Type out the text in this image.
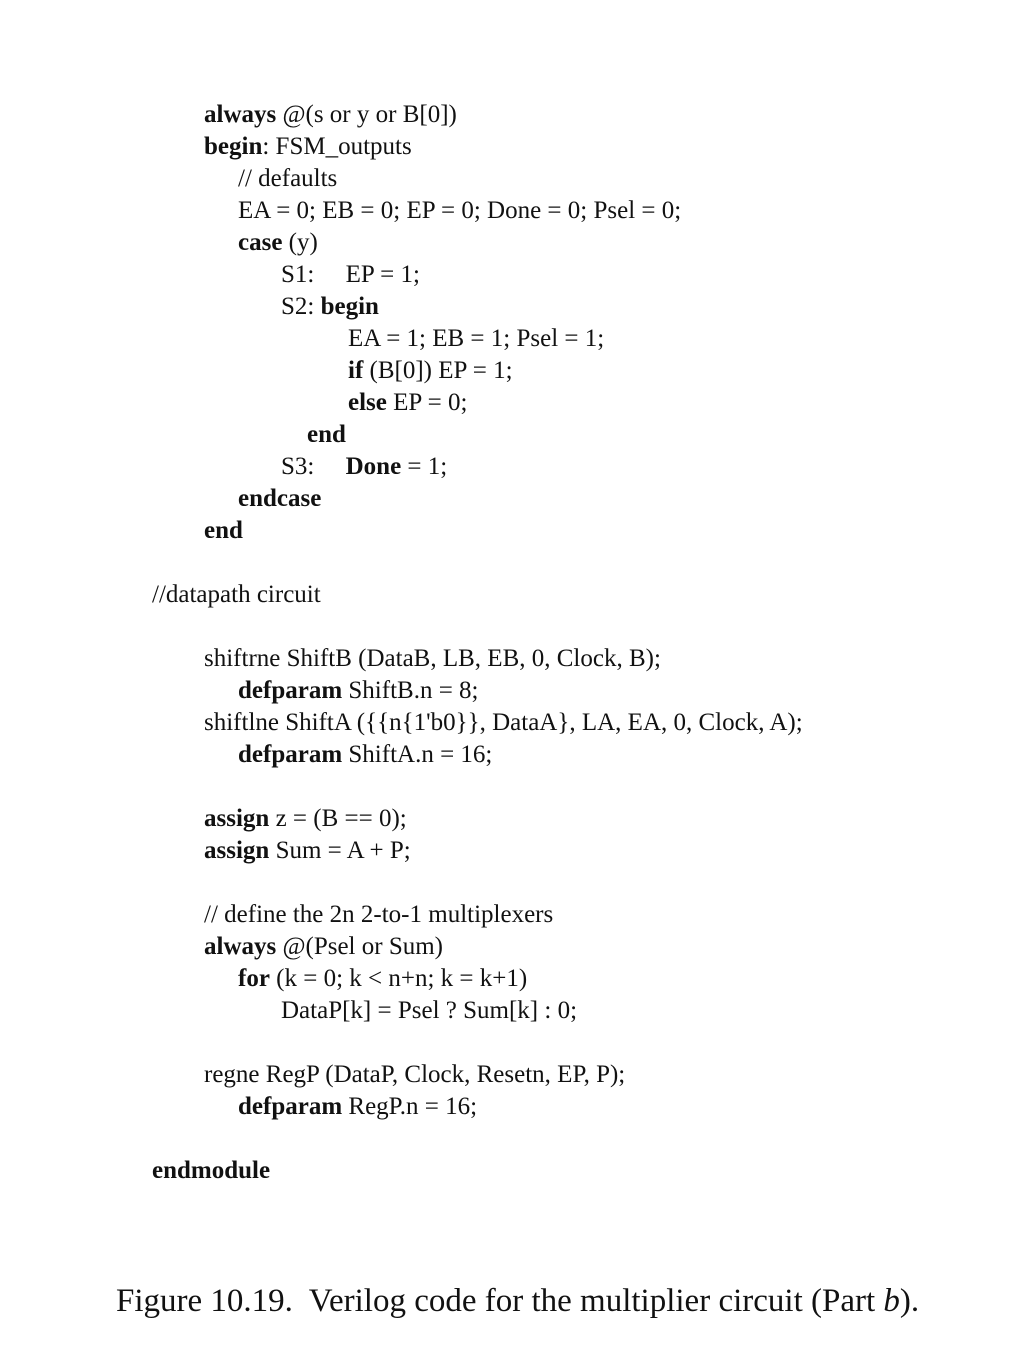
always @(s or y or B[0])
begin: FSM_outputs
// defaults
EA = 0; EB = 0; EP = 0; Done = 0; Psel = 0;
case (y)
S1:     EP = 1;
S2: begin
EA = 1; EB = 1; Psel = 1;
if (B[0]) EP = 1;
else EP = 0;
end
S3:     Done = 1;
endcase
end
//datapath circuit
shiftrne ShiftB (DataB, LB, EB, 0, Clock, B);
defparam ShiftB.n = 8;
shiftlne ShiftA ({{n{1'b0}}, DataA}, LA, EA, 0, Clock, A);
defparam ShiftA.n = 16;
assign z = (B == 0);
assign Sum = A + P;
// define the 2n 2-to-1 multiplexers
always @(Psel or Sum)
for (k = 0; k < n+n; k = k+1)
DataP[k] = Psel ? Sum[k] : 0;
regne RegP (DataP, Clock, Resetn, EP, P);
defparam RegP.n = 16;
endmodule
Figure 10.19.  Verilog code for the multiplier circuit (Part b).
